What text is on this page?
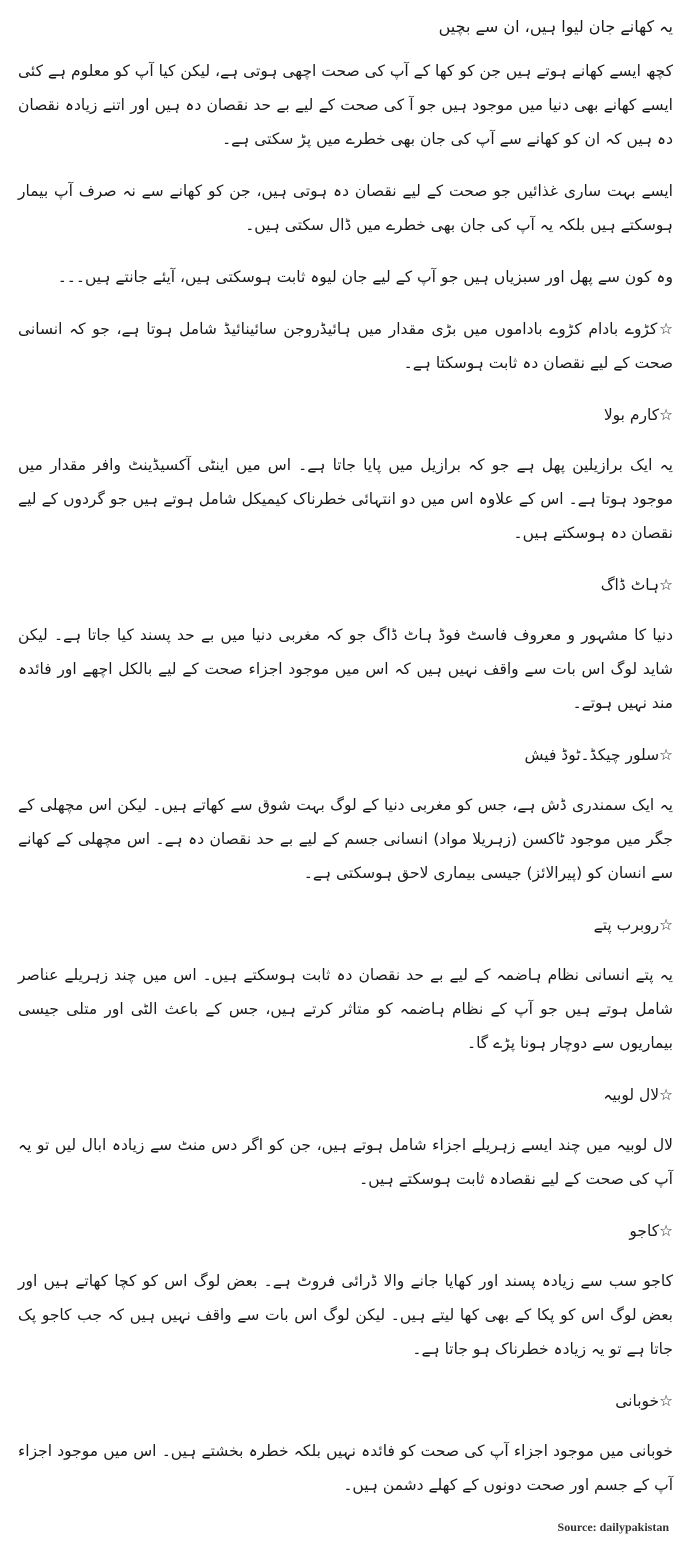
یہ کھانے جان لیوا ہیں، ان سے بچیں

کچھ ایسے کھانے ہوتے ہیں جن کو کھا کے آپ کی صحت اچھی ہوتی ہے، لیکن کیا آپ کو معلوم ہے کئی ایسے کھانے بھی دنیا میں موجود ہیں جو آ کی صحت کے لیے بے حد نقصان دہ ہیں اور اتنے زیادہ نقصان دہ ہیں کہ ان کو کھانے سے آپ کی جان بھی خطرے میں پڑ سکتی ہے۔

ایسے بہت ساری غذائیں جو صحت کے لیے نقصان دہ ہوتی ہیں، جن کو کھانے سے نہ صرف آپ بیمار ہوسکتے ہیں بلکہ یہ آپ کی جان بھی خطرے میں ڈال سکتی ہیں۔

وہ کون سے پھل اور سبزیاں ہیں جو آپ کے لیے جان لیوہ ثابت ہوسکتی ہیں، آیئے جانتے ہیں۔۔۔

☆کڑوے بادام کڑوے باداموں میں بڑی مقدار میں ہائیڈروجن سائینائیڈ شامل ہوتا ہے، جو کہ انسانی صحت کے لیے نقصان دہ ثابت ہوسکتا ہے۔

☆کارم بولا

یہ ایک برازیلین پھل ہے جو کہ برازیل میں پایا جاتا ہے۔ اس میں اینٹی آکسیڈینٹ وافر مقدار میں موجود ہوتا ہے۔ اس کے علاوہ اس میں دو انتہائی خطرناک کیمیکل شامل ہوتے ہیں جو گردوں کے لیے نقصان دہ ہوسکتے ہیں۔

☆ہاٹ ڈاگ

دنیا کا مشہور و معروف فاسٹ فوڈ ہاٹ ڈاگ جو کہ مغربی دنیا میں بے حد پسند کیا جاتا ہے۔ لیکن شاید لوگ اس بات سے واقف نہیں ہیں کہ اس میں موجود اجزاء صحت کے لیے بالکل اچھے اور فائدہ مند نہیں ہوتے۔

☆سلور چیکڈ۔ٹوڈ فیش

یہ ایک سمندری ڈش ہے، جس کو مغربی دنیا کے لوگ بہت شوق سے کھاتے ہیں۔ لیکن اس مچھلی کے جگر میں موجود ٹاکسن (زہریلا مواد) انسانی جسم کے لیے بے حد نقصان دہ ہے۔ اس مچھلی کے کھانے سے انسان کو (پیرالائز) جیسی بیماری لاحق ہوسکتی ہے۔

☆روبرب پتے

یہ پتے انسانی نظام ہاضمہ کے لیے بے حد نقصان دہ ثابت ہوسکتے ہیں۔ اس میں چند زہریلے عناصر شامل ہوتے ہیں جو آپ کے نظام ہاضمہ کو متاثر کرتے ہیں، جس کے باعث الٹی اور متلی جیسی بیماریوں سے دوچار ہونا پڑے گا۔

☆لال لوبیہ

لال لوبیہ میں چند ایسے زہریلے اجزاء شامل ہوتے ہیں، جن کو اگر دس منٹ سے زیادہ ابال لیں تو یہ آپ کی صحت کے لیے نقصادہ ثابت ہوسکتے ہیں۔

☆کاجو

کاجو سب سے زیادہ پسند اور کھایا جانے والا ڈرائی فروٹ ہے۔ بعض لوگ اس کو کچا کھاتے ہیں اور بعض لوگ اس کو پکا کے بھی کھا لیتے ہیں۔ لیکن لوگ اس بات سے واقف نہیں ہیں کہ جب کاجو پک جاتا ہے تو یہ زیادہ خطرناک ہو جاتا ہے۔

☆خوبانی

خوبانی میں موجود اجزاء آپ کی صحت کو فائدہ نہیں بلکہ خطرہ بخشتے ہیں۔ اس میں موجود اجزاء آپ کے جسم اور صحت دونوں کے کھلے دشمن ہیں۔

Source: dailypakistan
